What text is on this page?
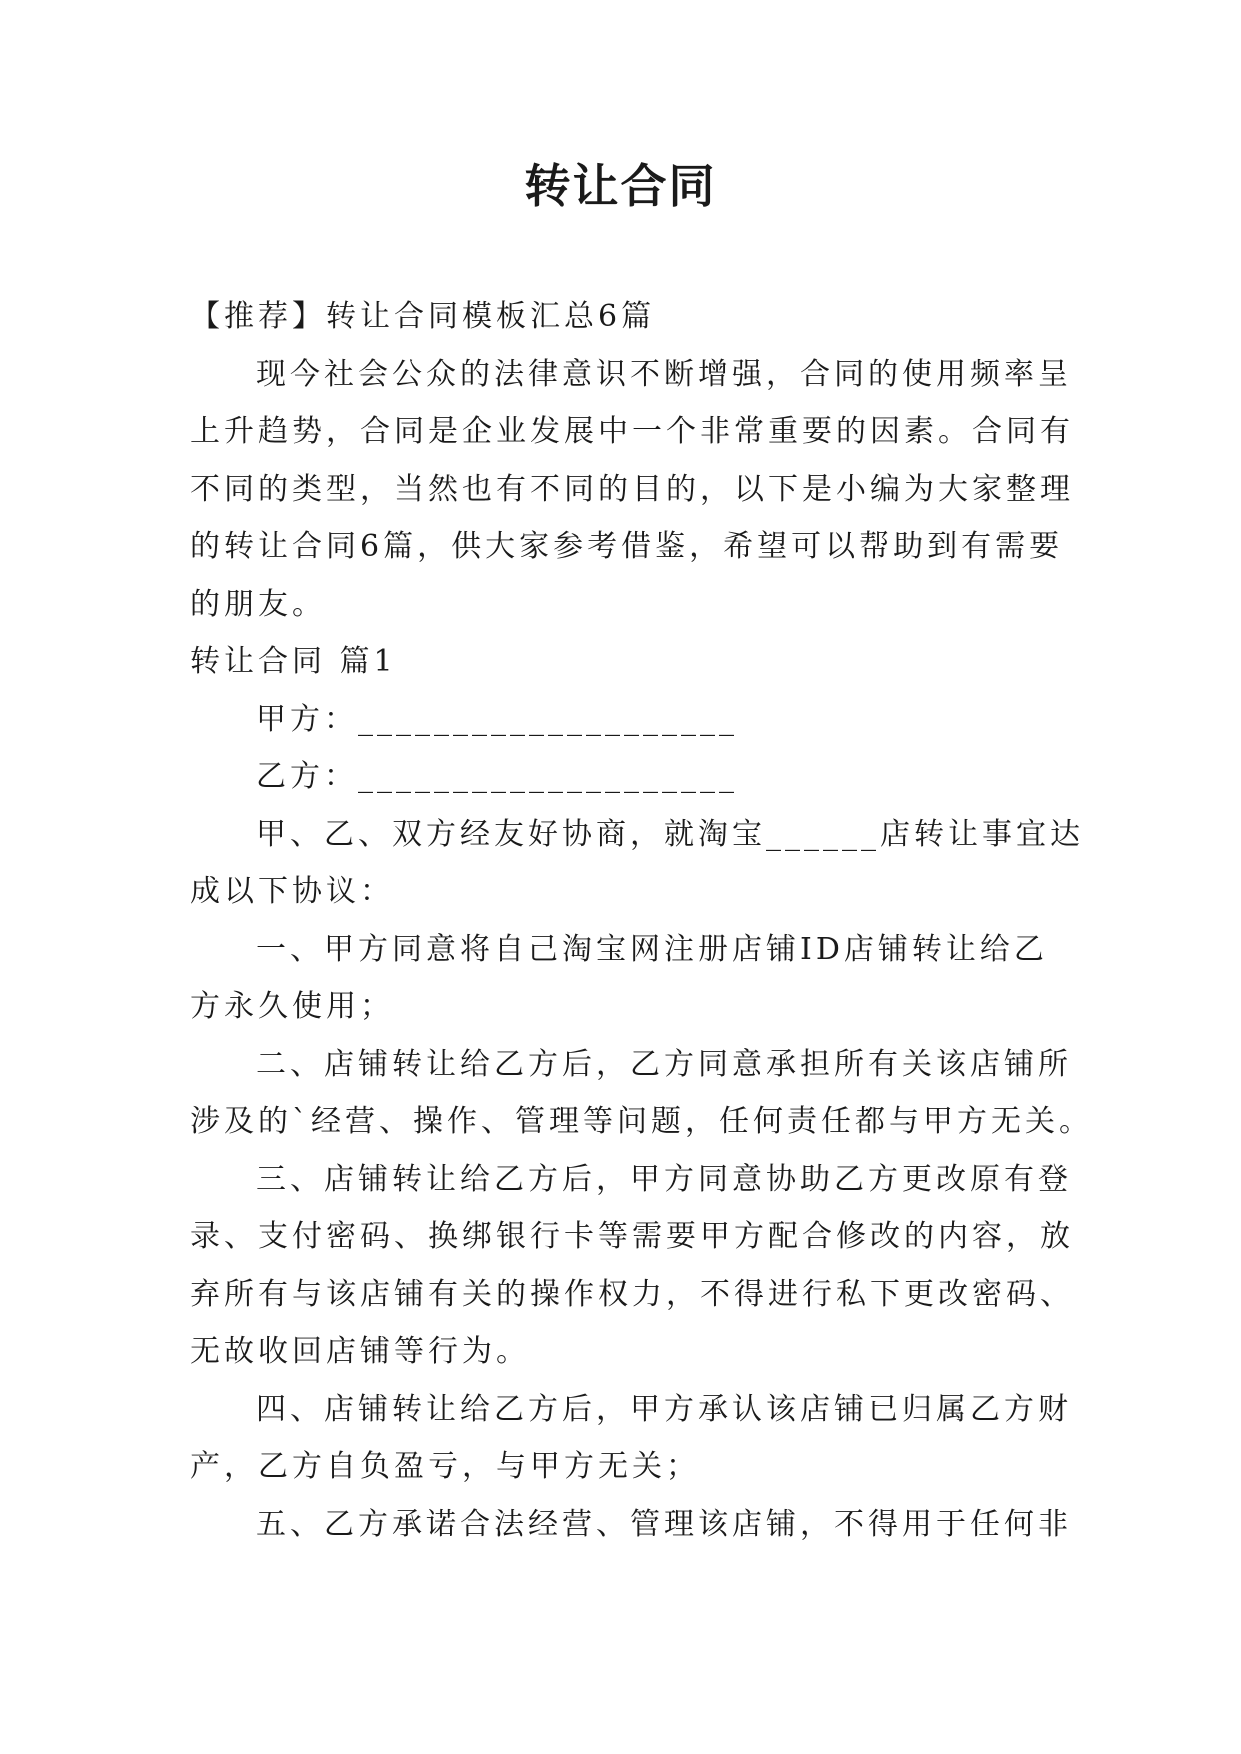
转让合同
【推荐】转让合同模板汇总6篇
现今社会公众的法律意识不断增强，合同的使用频率呈
上升趋势，合同是企业发展中一个非常重要的因素。合同有
不同的类型，当然也有不同的目的，以下是小编为大家整理
的转让合同6篇，供大家参考借鉴，希望可以帮助到有需要
的朋友。
转让合同 篇1
甲方：____________________
乙方：____________________
甲、乙、双方经友好协商，就淘宝______店转让事宜达
成以下协议：
一、甲方同意将自己淘宝网注册店铺ID店铺转让给乙
方永久使用；
二、店铺转让给乙方后，乙方同意承担所有关该店铺所
涉及的`经营、操作、管理等问题，任何责任都与甲方无关。
三、店铺转让给乙方后，甲方同意协助乙方更改原有登
录、支付密码、换绑银行卡等需要甲方配合修改的内容，放
弃所有与该店铺有关的操作权力，不得进行私下更改密码、
无故收回店铺等行为。
四、店铺转让给乙方后，甲方承认该店铺已归属乙方财
产，乙方自负盈亏，与甲方无关；
五、乙方承诺合法经营、管理该店铺，不得用于任何非
